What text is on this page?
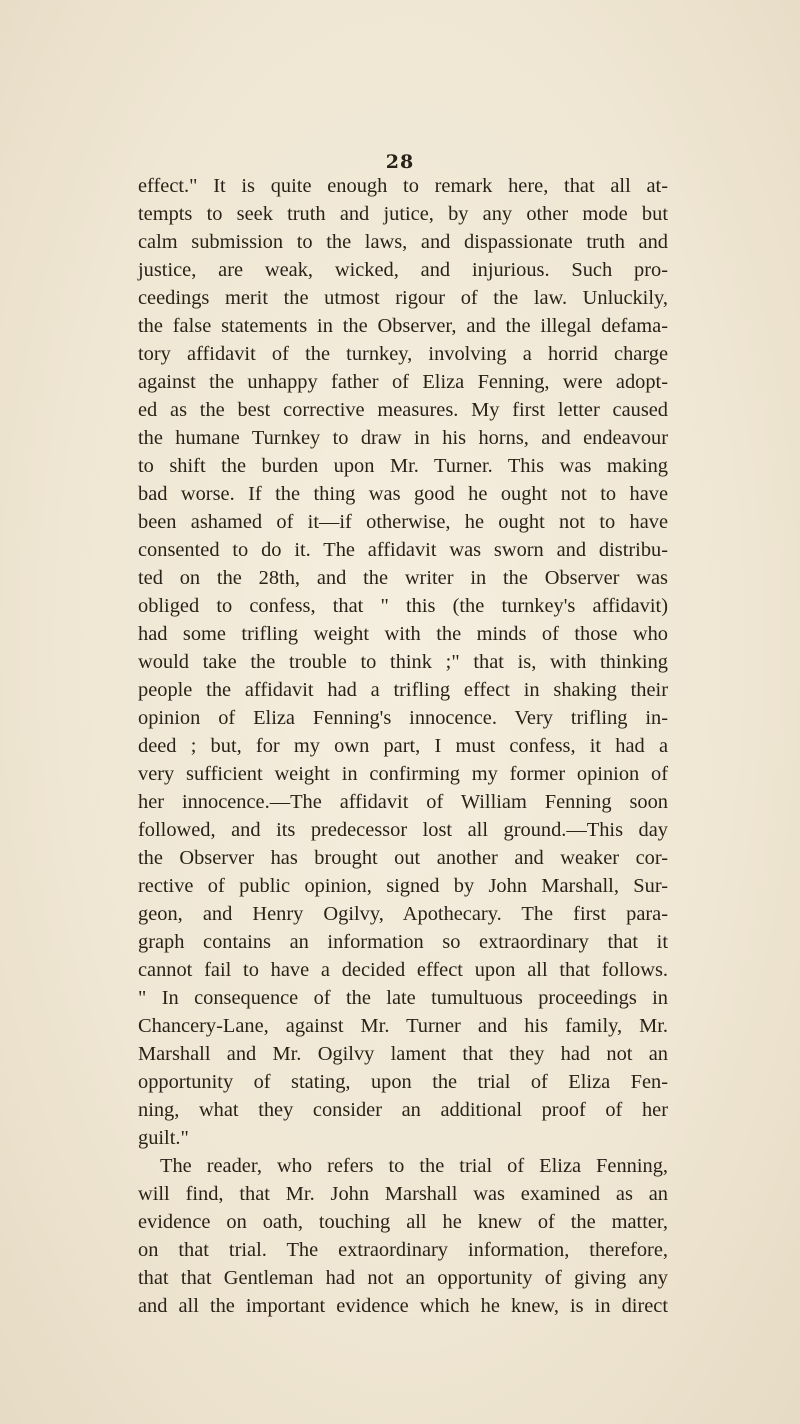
28
effect." It is quite enough to remark here, that all at-
tempts to seek truth and jutice, by any other mode but
calm submission to the laws, and dispassionate truth and
justice, are weak, wicked, and injurious. Such pro-
ceedings merit the utmost rigour of the law. Unluckily,
the false statements in the Observer, and the illegal defama-
tory affidavit of the turnkey, involving a horrid charge
against the unhappy father of Eliza Fenning, were adopt-
ed as the best corrective measures. My first letter caused
the humane Turnkey to draw in his horns, and endeavour
to shift the burden upon Mr. Turner. This was making
bad worse. If the thing was good he ought not to have
been ashamed of it—if otherwise, he ought not to have
consented to do it. The affidavit was sworn and distribu-
ted on the 28th, and the writer in the Observer was
obliged to confess, that " this (the turnkey's affidavit)
had some trifling weight with the minds of those who
would take the trouble to think ;" that is, with thinking
people the affidavit had a trifling effect in shaking their
opinion of Eliza Fenning's innocence. Very trifling in-
deed ; but, for my own part, I must confess, it had a
very sufficient weight in confirming my former opinion of
her innocence.—The affidavit of William Fenning soon
followed, and its predecessor lost all ground.—This day
the Observer has brought out another and weaker cor-
rective of public opinion, signed by John Marshall, Sur-
geon, and Henry Ogilvy, Apothecary. The first para-
graph contains an information so extraordinary that it
cannot fail to have a decided effect upon all that follows.
" In consequence of the late tumultuous proceedings in
Chancery-Lane, against Mr. Turner and his family, Mr.
Marshall and Mr. Ogilvy lament that they had not an
opportunity of stating, upon the trial of Eliza Fen-
ning, what they consider an additional proof of her
guilt."
The reader, who refers to the trial of Eliza Fenning,
will find, that Mr. John Marshall was examined as an
evidence on oath, touching all he knew of the matter,
on that trial. The extraordinary information, therefore,
that that Gentleman had not an opportunity of giving any
and all the important evidence which he knew, is in direct
